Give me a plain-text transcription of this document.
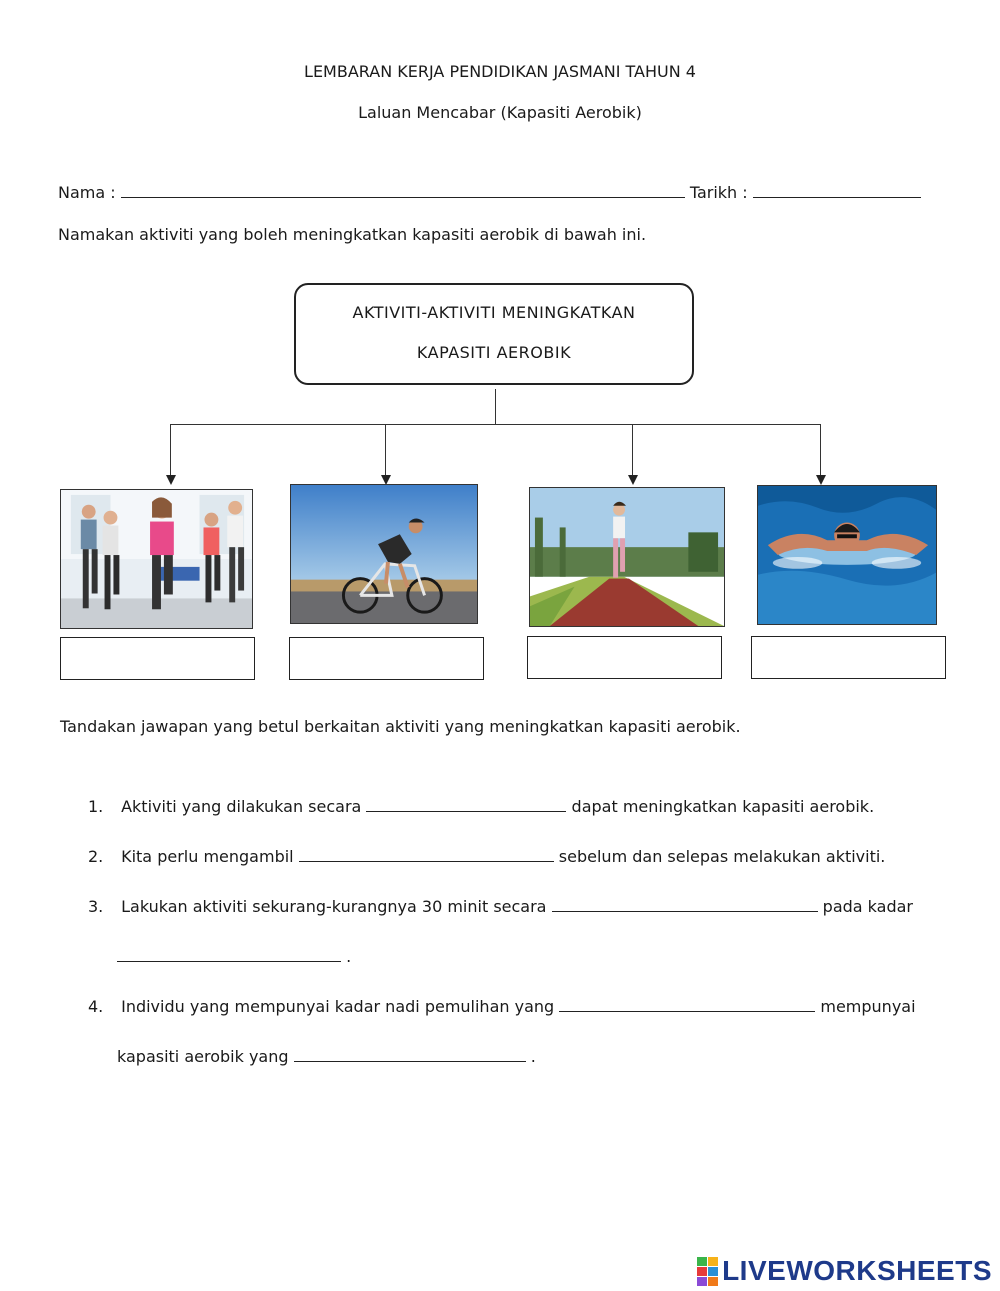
LEMBARAN KERJA PENDIDIKAN JASMANI TAHUN 4
Laluan Mencabar (Kapasiti Aerobik)
Nama :	Tarikh :
Namakan aktiviti yang boleh meningkatkan kapasiti aerobik di bawah ini.
AKTIVITI-AKTIVITI MENINGKATKAN
KAPASITI AEROBIK
Tandakan jawapan yang betul berkaitan aktiviti yang meningkatkan kapasiti aerobik.
1. Aktiviti yang dilakukan secara	dapat meningkatkan kapasiti aerobik.
2. Kita perlu mengambil	sebelum dan selepas melakukan aktiviti.
3. Lakukan aktiviti sekurang-kurangnya 30 minit secara	pada kadar
.
4. Individu yang mempunyai kadar nadi pemulihan yang	mempunyai
kapasiti aerobik yang	.
LIVEWORKSHEETS
